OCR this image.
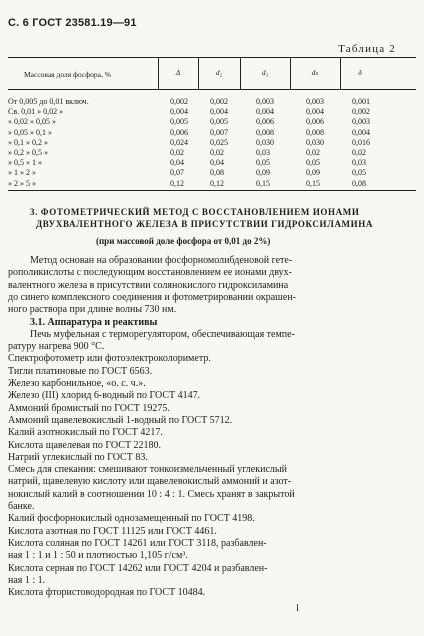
С. 6 ГОСТ 23581.19—91
Таблица 2
Массовая доля фосфора, %	Δ	d₂	d₃	dₙ	δ
От 0,005 до 0,01 включ.	0,002	0,002	0,003	0,003	0,001
Св. 0,01 » 0,02 »	0,004	0,004	0,004	0,004	0,002
» 0,02 » 0,05 »	0,005	0,005	0,006	0,006	0,003
» 0,05 » 0,1 »	0,006	0,007	0,008	0,008	0,004
» 0,1 » 0,2 »	0,024	0,025	0,030	0,030	0,016
» 0,2 » 0,5 »	0,02	0,02	0,03	0,02	0,02
» 0,5 » 1 »	0,04	0,04	0,05	0,05	0,03
» 1 » 2 »	0,07	0,08	0,09	0,09	0,05
» 2 » 5 »	0,12	0,12	0,15	0,15	0,08
3. ФОТОМЕТРИЧЕСКИЙ МЕТОД С ВОССТАНОВЛЕНИЕМ ИОНАМИ
ДВУХВАЛЕНТНОГО ЖЕЛЕЗА В ПРИСУТСТВИИ ГИДРОКСИЛАМИНА
(при массовой доле фосфора от 0,01 до 2%)
Метод основан на образовании фосфорномолибденовой гете-
рополикислоты с последующим восстановлением ее ионами двух-
валентного железа в присутствии солянокислого гидроксиламина
до синего комплексного соединения и фотометрировании окрашен-
ного раствора при длине волны 730 нм.
3.1. Аппаратура и реактивы
Печь муфельная с терморегулятором, обеспечивающая темпе-
ратуру нагрева 900 °С.
Спектрофотометр или фотоэлектроколориметр.
Тигли платиновые по ГОСТ 6563.
Железо карбонильное, «о. с. ч.».
Железо (III) хлорид 6-водный по ГОСТ 4147.
Аммоний бромистый по ГОСТ 19275.
Аммоний щавелевокислый 1-водный по ГОСТ 5712.
Калий азотнокислый по ГОСТ 4217.
Кислота щавелевая по ГОСТ 22180.
Натрий углекислый по ГОСТ 83.
Смесь для спекания: смешивают тонкоизмельченный углекислый
натрий, щавелевую кислоту или щавелевокислый аммоний и азот-
нокислый калий в соотношении 10 : 4 : 1. Смесь хранят в закрытой
банке.
Калий фосфорнокислый однозамещенный по ГОСТ 4198.
Кислота азотная по ГОСТ 11125 или ГОСТ 4461.
Кислота соляная по ГОСТ 14261 или ГОСТ 3118, разбавлен-
ная 1 : 1 и 1 : 50 и плотностью 1,105 г/см³.
Кислота серная по ГОСТ 14262 или ГОСТ 4204 и разбавлен-
ная 1 : 1.
Кислота фтористоводородная по ГОСТ 10484.
I
